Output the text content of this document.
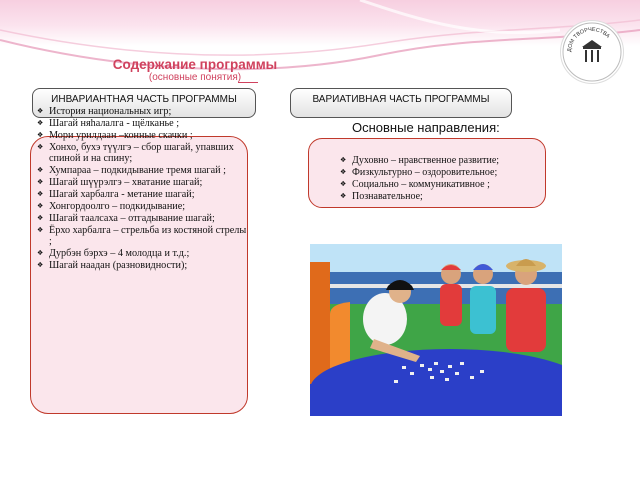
ДОМ ТВОРЧЕСТВА
Содержание программы
(основные понятия)
ИНВАРИАНТНАЯ ЧАСТЬ ПРОГРАММЫ	ВАРИАТИВНАЯ ЧАСТЬ ПРОГРАММЫ
❖ История национальных игр;
❖ Шагай няhалалга - щёлканье ;
❖ Мори урилдаан –конные скачки ;
❖ Хонхо, бухэ түүлгэ – сбор шагай, упавших спиной и на спину;
❖ Хумпараа – подкидывание тремя шагай ;
❖ Шагай шүүрэлгэ – хватание шагай;
❖ Шагай харбалга - метание шагай;
❖ Хонгордоолго – подкидывание;
❖ Шагай таалсаха – отгадывание шагай;
❖ Ёрхо харбалга – стрельба из костяной стрелы ;
❖ Дурбэн бэрхэ – 4 молодца и т.д.;
❖ Шагай наадан (разновидности);
Основные направления:
❖ Духовно – нравственное развитие;
❖ Физкультурно – оздоровительное;
❖ Социально – коммуникативное ;
❖ Познавательное;
